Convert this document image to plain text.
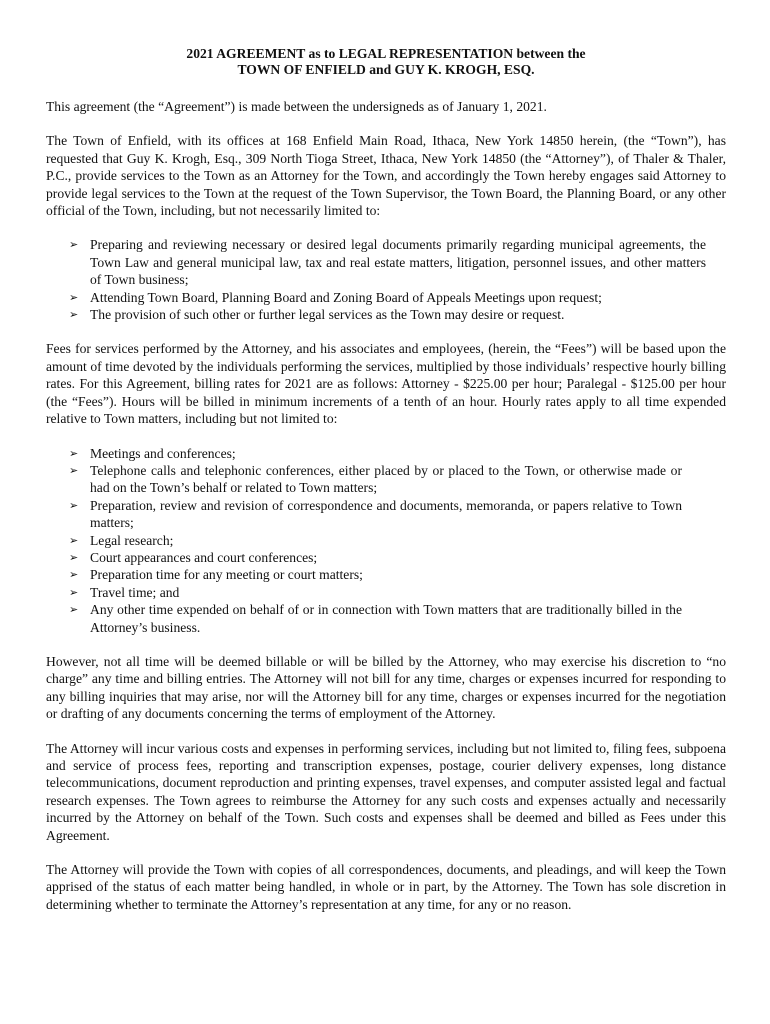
2021 AGREEMENT as to LEGAL REPRESENTATION between the
TOWN OF ENFIELD and GUY K. KROGH, ESQ.

This agreement (the “Agreement”) is made between the undersigneds as of January 1, 2021.

The Town of Enfield, with its offices at 168 Enfield Main Road, Ithaca, New York 14850 herein, (the “Town”), has requested that Guy K. Krogh, Esq., 309 North Tioga Street, Ithaca, New York 14850 (the “Attorney”), of Thaler & Thaler, P.C., provide services to the Town as an Attorney for the Town, and accordingly the Town hereby engages said Attorney to provide legal services to the Town at the request of the Town Supervisor, the Town Board, the Planning Board, or any other official of the Town, including, but not necessarily limited to:

➢ Preparing and reviewing necessary or desired legal documents primarily regarding municipal agreements, the Town Law and general municipal law, tax and real estate matters, litigation, personnel issues, and other matters of Town business;
➢ Attending Town Board, Planning Board and Zoning Board of Appeals Meetings upon request;
➢ The provision of such other or further legal services as the Town may desire or request.

Fees for services performed by the Attorney, and his associates and employees, (herein, the “Fees”) will be based upon the amount of time devoted by the individuals performing the services, multiplied by those individuals’ respective hourly billing rates. For this Agreement, billing rates for 2021 are as follows: Attorney - $225.00 per hour; Paralegal - $125.00 per hour (the “Fees”). Hours will be billed in minimum increments of a tenth of an hour. Hourly rates apply to all time expended relative to Town matters, including but not limited to:

➢ Meetings and conferences;
➢ Telephone calls and telephonic conferences, either placed by or placed to the Town, or otherwise made or had on the Town’s behalf or related to Town matters;
➢ Preparation, review and revision of correspondence and documents, memoranda, or papers relative to Town matters;
➢ Legal research;
➢ Court appearances and court conferences;
➢ Preparation time for any meeting or court matters;
➢ Travel time; and
➢ Any other time expended on behalf of or in connection with Town matters that are traditionally billed in the Attorney’s business.

However, not all time will be deemed billable or will be billed by the Attorney, who may exercise his discretion to “no charge” any time and billing entries. The Attorney will not bill for any time, charges or expenses incurred for responding to any billing inquiries that may arise, nor will the Attorney bill for any time, charges or expenses incurred for the negotiation or drafting of any documents concerning the terms of employment of the Attorney.

The Attorney will incur various costs and expenses in performing services, including but not limited to, filing fees, subpoena and service of process fees, reporting and transcription expenses, postage, courier delivery expenses, long distance telecommunications, document reproduction and printing expenses, travel expenses, and computer assisted legal and factual research expenses. The Town agrees to reimburse the Attorney for any such costs and expenses actually and necessarily incurred by the Attorney on behalf of the Town. Such costs and expenses shall be deemed and billed as Fees under this Agreement.

The Attorney will provide the Town with copies of all correspondences, documents, and pleadings, and will keep the Town apprised of the status of each matter being handled, in whole or in part, by the Attorney. The Town has sole discretion in determining whether to terminate the Attorney’s representation at any time, for any or no reason.
